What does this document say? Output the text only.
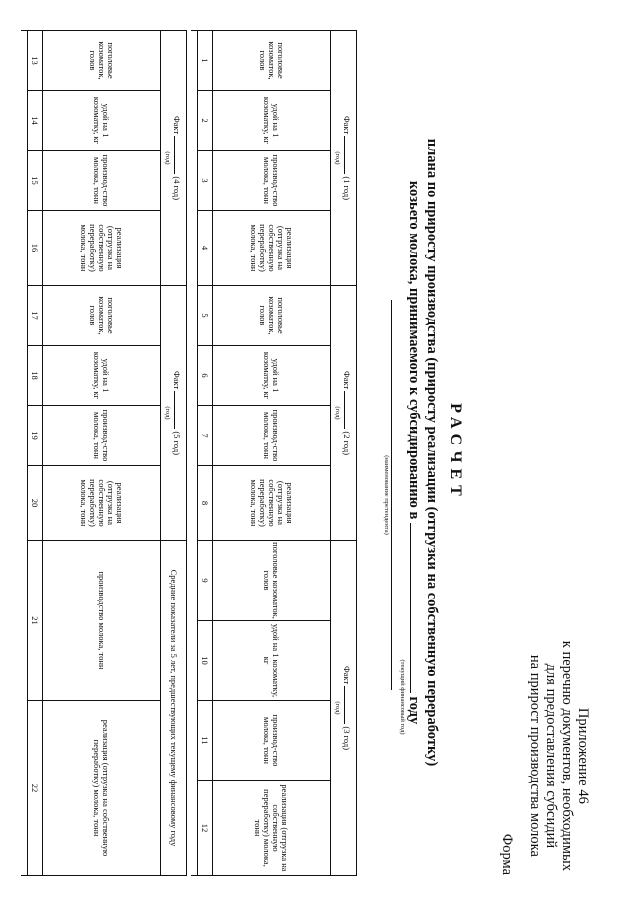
Приложение 46
к перечню документов, необходимых
для предоставления субсидий
на прирост производства молока
Форма
РАСЧЕТ
плана по приросту производства (приросту реализации (отгрузки на собственную переработку)
козьего молока, принимаемого к субсидированию в  году
(наименование претендента)
(текущий финансовый год)
Факт  (1 год)
(год)				Факт  (2 год)
(год)				Факт  (3 год)
(год)			

поголовье козоматок, голов	удой на 1 козоматку, кг	производ-ство молока, тонн	реализация (отгрузка на собственную переработку) молока, тонн	поголовье козоматок, голов	удой на 1 козоматку, кг	производ-ство молока, тонн	реализация (отгрузка на собственную переработку) молока, тонн	поголовье козоматок, голов	удой на 1 козоматку, кг	производ-ство молока, тонн	реализация (отгрузка на собственную переработку) молока, тонн
1	2	3	4	5	6	7	8	9	10	11	12

Факт  (4 год)
(год)				Факт  (5 год)
(год)				Средние показатели за 5 лет, предшествующих текущему финансовому году	
поголовье козоматок, голов	удой на 1 козоматку, кг	производ-ство молока, тонн	реализация (отгрузка на собственную переработку) молока, тонн	поголовье козоматок, голов	удой на 1 козоматку, кг	производ-ство молока, тонн	реализация (отгрузка на собственную переработку) молока, тонн	производство молока, тонн	реализация (отгрузка на собственную переработку) молока, тонн
13	14	15	16	17	18	19	20	21	22
